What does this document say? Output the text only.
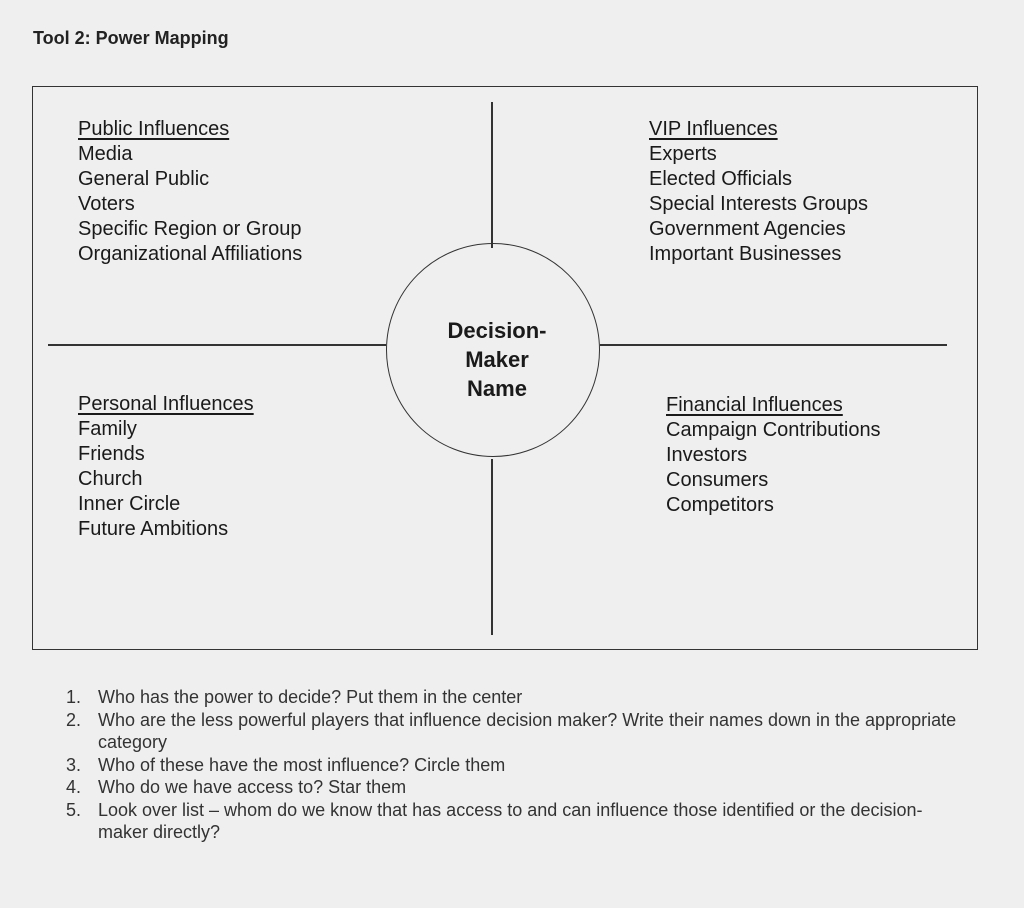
Tool 2: Power Mapping
Decision-
Maker
Name
Public Influences
Media
General Public
Voters
Specific Region or Group
Organizational Affiliations
VIP Influences
Experts
Elected Officials
Special Interests Groups
Government Agencies
Important Businesses
Personal Influences
Family
Friends
Church
Inner Circle
Future Ambitions
Financial Influences
Campaign Contributions
Investors
Consumers
Competitors
1. Who has the power to decide? Put them in the center
2. Who are the less powerful players that influence decision maker? Write their names down in the appropriate category
3. Who of these have the most influence? Circle them
4. Who do we have access to? Star them
5. Look over list – whom do we know that has access to and can influence those identified or the decision-maker directly?
